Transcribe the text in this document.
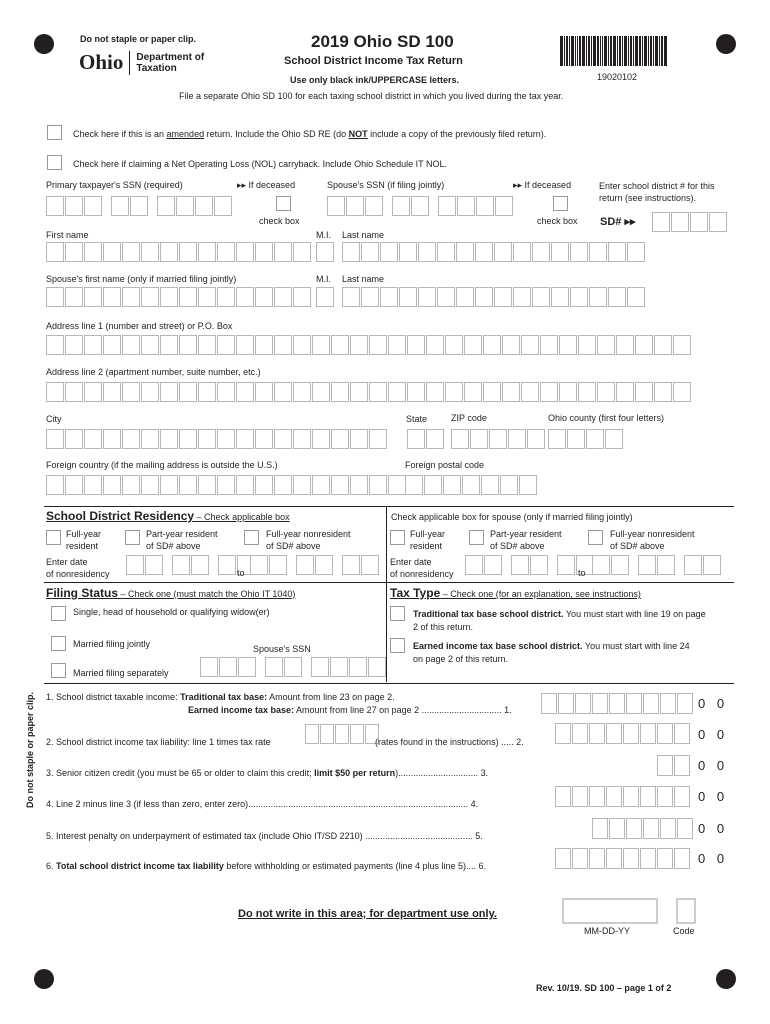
Do not staple or paper clip.
Ohio Department of
Taxation
2019 Ohio SD 100
School District Income Tax Return
Use only black ink/UPPERCASE letters.	19020102
File a separate Ohio SD 100 for each taxing school district in which you lived during the tax year.
Check here if this is an amended return. Include the Ohio SD RE (do NOT include a copy of the previously filed return).
Check here if claiming a Net Operating Loss (NOL) carryback. Include Ohio Schedule IT NOL.
Primary taxpayer's SSN (required)	▸▸ If deceased	Spouse's SSN (if filing jointly)	▸▸ If deceased	Enter school district # for this return (see instructions).
check box	check box SD# ▸▸
First name	M.I. Last name
Spouse's first name (only if married filing jointly)	M.I. Last name
Address line 1 (number and street) or P.O. Box
Address line 2 (apartment number, suite number, etc.)
City	State	ZIP code	Ohio county (first four letters)
Foreign country (if the mailing address is outside the U.S.)	Foreign postal code
School District Residency – Check applicable box	Check applicable box for spouse (only if married filing jointly)
Full-year
resident
Part-year resident
of SD# above
Full-year nonresident
of SD# above
Full-year
resident
Part-year resident
of SD# above
Full-year nonresident
of SD# above
Enter date
of nonresidency	to
Enter date
of nonresidency	to
Filing Status – Check one (must match the Ohio IT 1040)	Tax Type – Check one (for an explanation, see instructions)
Single, head of household or qualifying widow(er)
Married filing jointly	Spouse's SSN
Married filing separately
Traditional tax base school district. You must start with line 19 on page
2 of this return.
Earned income tax base school district. You must start with line 24
on page 2 of this return.
Do not staple or paper clip. 1. School district taxable income: Traditional tax base: Amount from line 23 on page 2.
Earned income tax base: Amount from line 27 on page 2 ................................ 1.	0 0
2. School district income tax liability: line 1 times tax rate	(rates found in the instructions) ..... 2.	0 0
3. Senior citizen credit (you must be 65 or older to claim this credit; limit $50 per return)................................ 3.	0 0
4. Line 2 minus line 3 (if less than zero, enter zero)........................................................................................ 4.	0 0
5. Interest penalty on underpayment of estimated tax (include Ohio IT/SD 2210) ........................................... 5.	0 0
6. Total school district income tax liability before withholding or estimated payments (line 4 plus line 5).... 6.	0 0
Do not write in this area; for department use only.
MM-DD-YY	Code
Rev. 10/19. SD 100 – page 1 of 2
